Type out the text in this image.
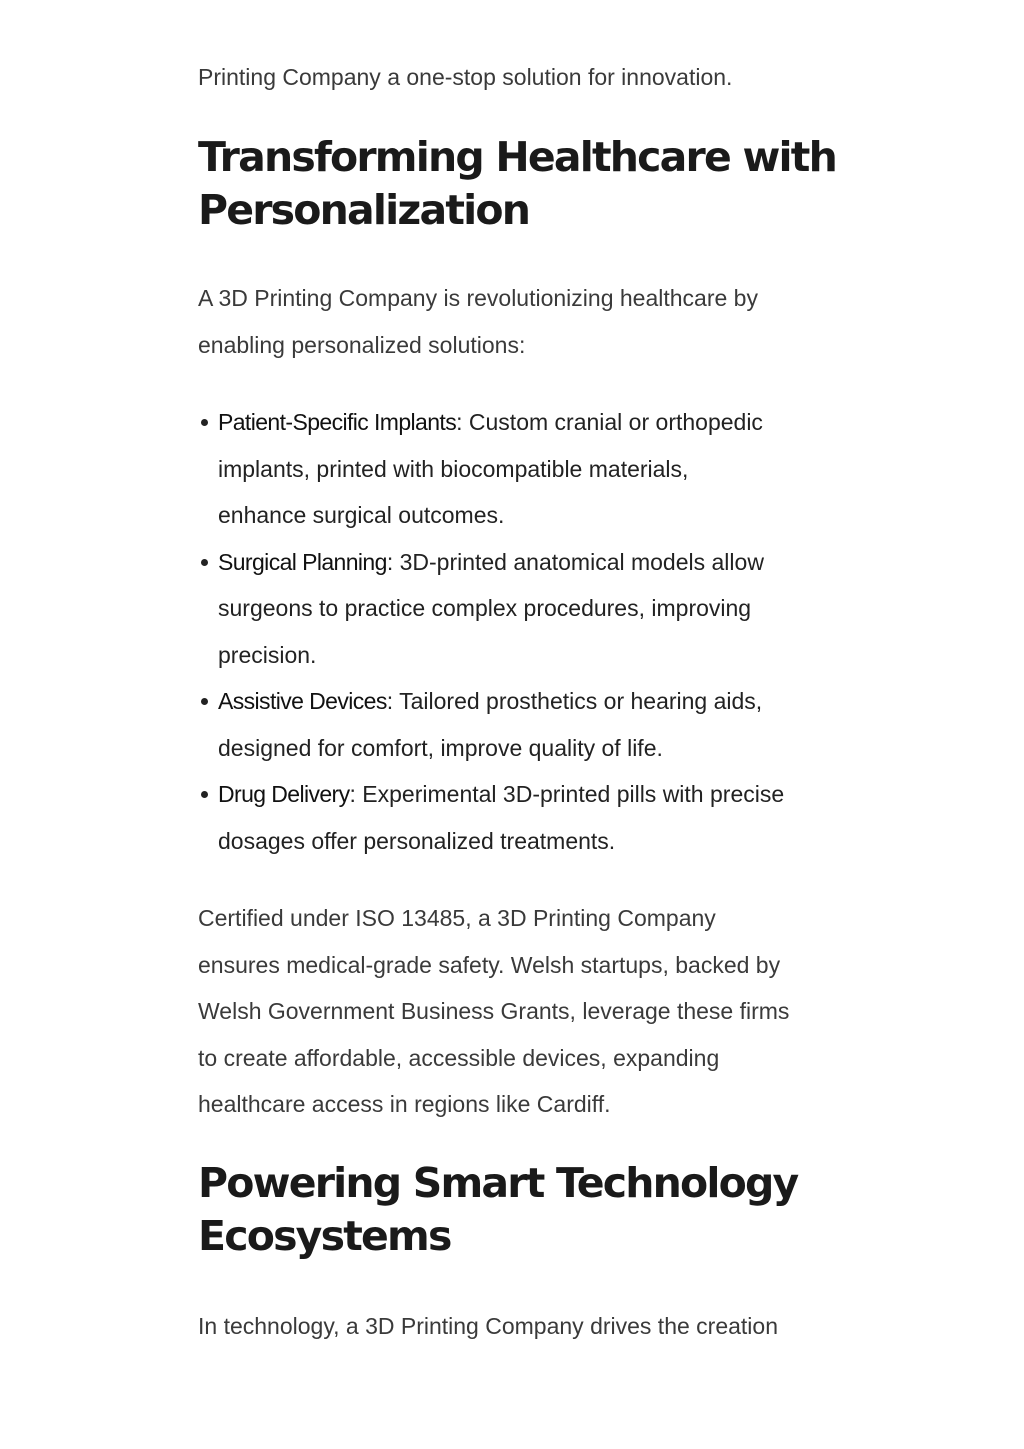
Printing Company a one-stop solution for innovation.

Transforming Healthcare with
Personalization

A 3D Printing Company is revolutionizing healthcare by
enabling personalized solutions:

Patient-Specific Implants: Custom cranial or orthopedic
implants, printed with biocompatible materials,
enhance surgical outcomes.
Surgical Planning: 3D-printed anatomical models allow
surgeons to practice complex procedures, improving
precision.
Assistive Devices: Tailored prosthetics or hearing aids,
designed for comfort, improve quality of life.
Drug Delivery: Experimental 3D-printed pills with precise
dosages offer personalized treatments.

Certified under ISO 13485, a 3D Printing Company
ensures medical-grade safety. Welsh startups, backed by
Welsh Government Business Grants, leverage these firms
to create affordable, accessible devices, expanding
healthcare access in regions like Cardiff.

Powering Smart Technology
Ecosystems

In technology, a 3D Printing Company drives the creation
